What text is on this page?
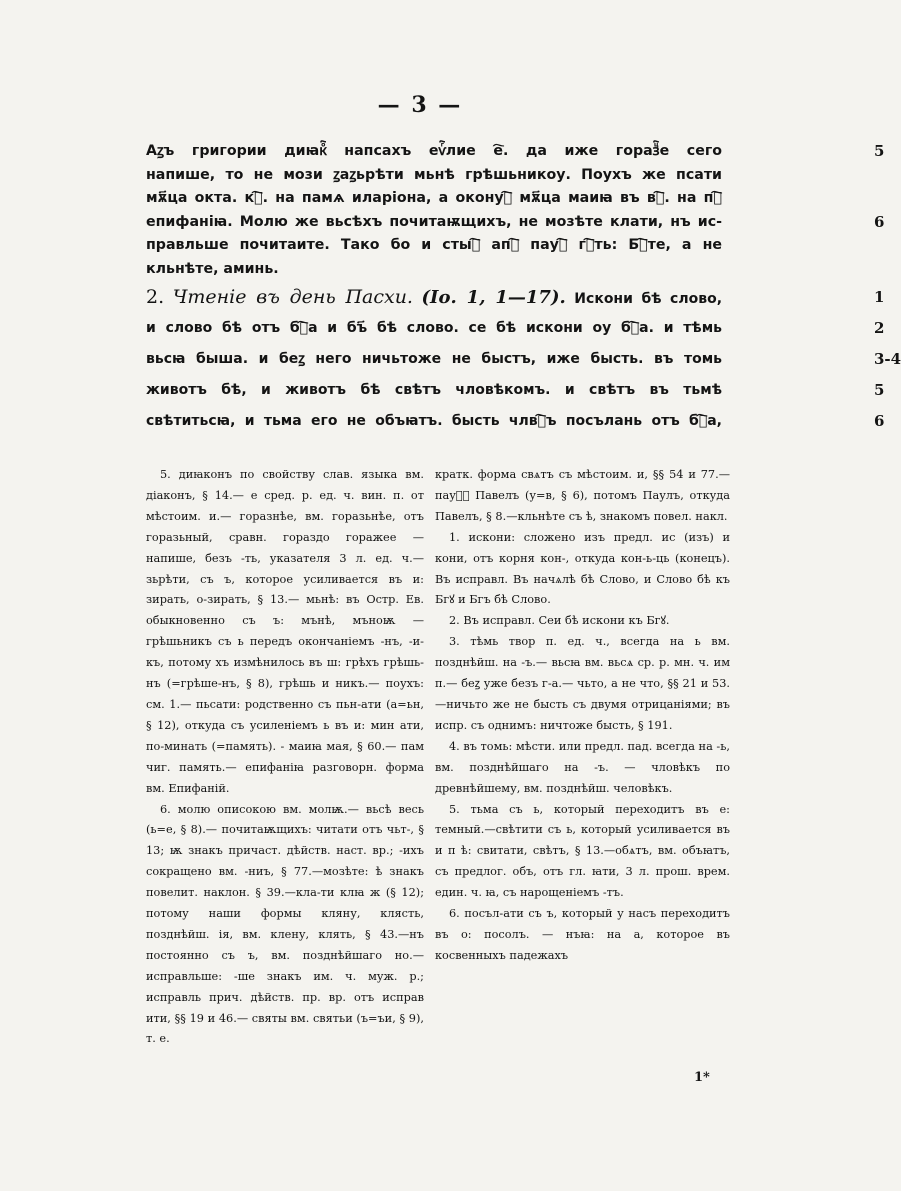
— 3 —
Аꙁъ григории диꙗкⷪ҇ напсахъ еѵⷢ҇лие е҇. да иже горазⷰ҇е сего	5
напише, то не мози ꙁаꙁьрѣти мьнѣ грѣшьникоу. Поухъ же псати
мѫ҃ца окта. кⷡ҇. на памѧ иларіона, а оконуⷯ҇ мѫ҃ца маиꙗ въ вⷥ҇. на пⷨ҇
епифаніꙗ. Молю же вьсѣхъ почитаѭщихъ, не мозѣте клати, нъ ис-	6
правльше почитаите. Тако бо и стыⷱ҇ апⷧ҇ пауⷧ҇ гⷧ҇ть: Бⷧ҇те, а не
кльнѣте, аминь.
2. Чтеніе въ день Пасхи. (Іо. 1, 1—17). Искони бѣ слово,	1
и слово бѣ отъ бⷢ҇а и бъ҃ бѣ слово. се бѣ искони оу бⷢ҇а. и тѣмь	2
вьсꙗ быша. и беꙁ него ничьтоже не быстъ, иже бысть. въ томь	3-4
животъ бѣ, и животъ бѣ свѣтъ чловѣкомъ. и свѣтъ въ тьмѣ	5
свѣтитьсꙗ, и тьма его не объꙗтъ. бысть члвⷦ҇ъ посълань отъ бⷢ҇а,	6

5. диꙗконъ по свойству слав. языка вм. діаконъ, § 14.— е сред. р. ед. ч. вин. п. от мѣстоим. и.— горазнѣе, вм. горазьнѣе, отъ горазьный, сравн. гораздо горажее — напише, безъ -ть, указателя 3 л. ед. ч.— зьрѣти, съ ъ, которое усиливается въ и: зирать, о-зирать, § 13.— мьнѣ: въ Остр. Ев. обыкновенно съ ъ: мънѣ, мъноѭ — грѣшьникъ съ ь передъ окончаніемъ -нъ, -и-къ, потому хъ измѣнилось въ ш: грѣхъ грѣшь-нъ (=грѣше-нъ, § 8), грѣшь и никъ.— поухъ: см. 1.— пьсати: родственно съ пьн-ати (а=ьн, § 12), откуда съ усиленіемъ ь въ и: мин ати, по-минать (=память). - маиꙗ мая, § 60.— пам чиг. память.— епифаніꙗ разговорн. форма вм. Епифаній.

6. молю описокою вм. молѭ.— вьсѣ весь (ь=е, § 8).— почитаѭщихъ: читати отъ чьт-, § 13; ѭ знакъ причаст. дѣйств. наст. вр.; -ихъ сокращено вм. -ниъ, § 77.—мозѣте: ѣ знакъ повелит. наклон. § 39.—кла-ти клꙗ ж (§ 12); потому наши формы кляну, клясть, позднѣйш. ія, вм. клену, клять, § 43.—нъ постоянно съ ъ, вм. позднѣйшаго но.—исправльше: -ше знакъ им. ч. муж. р.; исправль прич. дѣйств. пр. вр. отъ исправ ити, §§ 19 и 46.— святы вм. святьи (ъ=ъи, § 9), т. е.

кратк. форма свѧтъ съ мѣстоим. и, §§ 54 и 77.—пауⷧ҇ Павелъ (у=в, § 6), потомъ Паулъ, откуда Павелъ, § 8.—кльнѣте съ ѣ, знакомъ повел. накл.

1. искони: сложено изъ предл. ис (изъ) и кони, отъ корня кон-, откуда кон-ь-ць (конецъ). Въ исправл. Въ начѧлѣ бѣ Слово, и Слово бѣ къ Бгꙋ и Бгъ бѣ Слово.

2. Въ исправл. Сеи бѣ искони къ Бгꙋ.

3. тѣмь твор п. ед. ч., всегда на ь вм. позднѣйш. на -ъ.— вьсꙗ вм. вьсѧ ср. р. мн. ч. им п.— беꙁ уже безъ г-а.— чьто, а не что, §§ 21 и 53.—ничьто же не бысть съ двумя отрицаніями; въ испр. съ однимъ: ничтоже бысть, § 191.

4. въ томь: мѣсти. или предл. пад. всегда на -ь, вм. позднѣйшаго на -ъ. — чловѣкъ по древнѣйшему, вм. позднѣйш. человѣкъ.

5. тьма съ ь, который переходитъ въ е: темный.—свѣтити съ ь, который усиливается въ и п ѣ: свитати, свѣтъ, § 13.—обѧтъ, вм. объꙗтъ, съ предлог. объ, отъ гл. ꙗти, 3 л. прош. врем. един. ч. ꙗ, съ нарощеніемъ -тъ.

6. посъл-ати съ ъ, который у насъ переходитъ въ о: посолъ. — нъꙗ: на а, которое въ косвенныхъ падежахъ

1*
